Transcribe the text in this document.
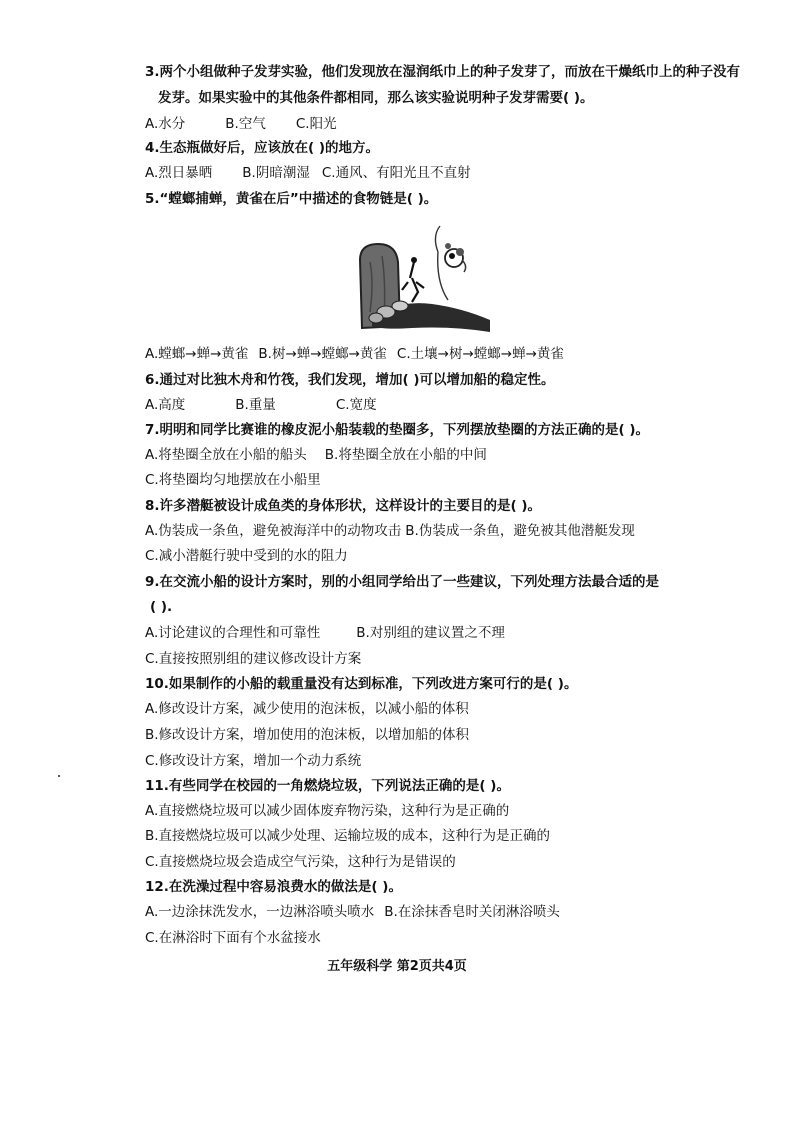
3.两个小组做种子发芽实验，他们发现放在湿润纸巾上的种子发芽了，而放在干燥纸巾上的种子没有

发芽。如果实验中的其他条件都相同，那么该实验说明种子发芽需要( )。

A.水分	B.空气 C.阳光

4.生态瓶做好后，应该放在( )的地方。

A.烈日暴晒 B.阴暗潮湿 C.通风、有阳光且不直射

5.“螳螂捕蝉，黄雀在后”中描述的食物链是( )。

A.螳螂→蝉→黄雀 B.树→蝉→螳螂→黄雀 C.土壤→树→螳螂→蝉→黄雀

6.通过对比独木舟和竹筏，我们发现，增加( )可以增加船的稳定性。

A.高度	B.重量	C.宽度

7.明明和同学比赛谁的橡皮泥小船装载的垫圈多，下列摆放垫圈的方法正确的是( )。

A.将垫圈全放在小船的船头 B.将垫圈全放在小船的中间

C.将垫圈均匀地摆放在小船里

8.许多潜艇被设计成鱼类的身体形状，这样设计的主要目的是( )。

A.伪装成一条鱼，避免被海洋中的动物攻击 B.伪装成一条鱼，避免被其他潜艇发现

C.减小潜艇行驶中受到的水的阻力

9.在交流小船的设计方案时，别的小组同学给出了一些建议，下列处理方法最合适的是

( ).

A.讨论建议的合理性和可靠性	B.对别组的建议置之不理

C.直接按照别组的建议修改设计方案

10.如果制作的小船的载重量没有达到标准，下列改进方案可行的是( )。

A.修改设计方案，减少使用的泡沫板，以减小船的体积

B.修改设计方案，增加使用的泡沫板，以增加船的体积

C.修改设计方案，增加一个动力系统

11.有些同学在校园的一角燃烧垃圾，下列说法正确的是( )。

A.直接燃烧垃圾可以减少固体废弃物污染，这种行为是正确的

B.直接燃烧垃圾可以减少处理、运输垃圾的成本，这种行为是正确的

C.直接燃烧垃圾会造成空气污染，这种行为是错误的

12.在洗澡过程中容易浪费水的做法是( )。

A.一边涂抹洗发水，一边淋浴喷头喷水 B.在涂抹香皂时关闭淋浴喷头

C.在淋浴时下面有个水盆接水

五年级科学 第2页共4页
